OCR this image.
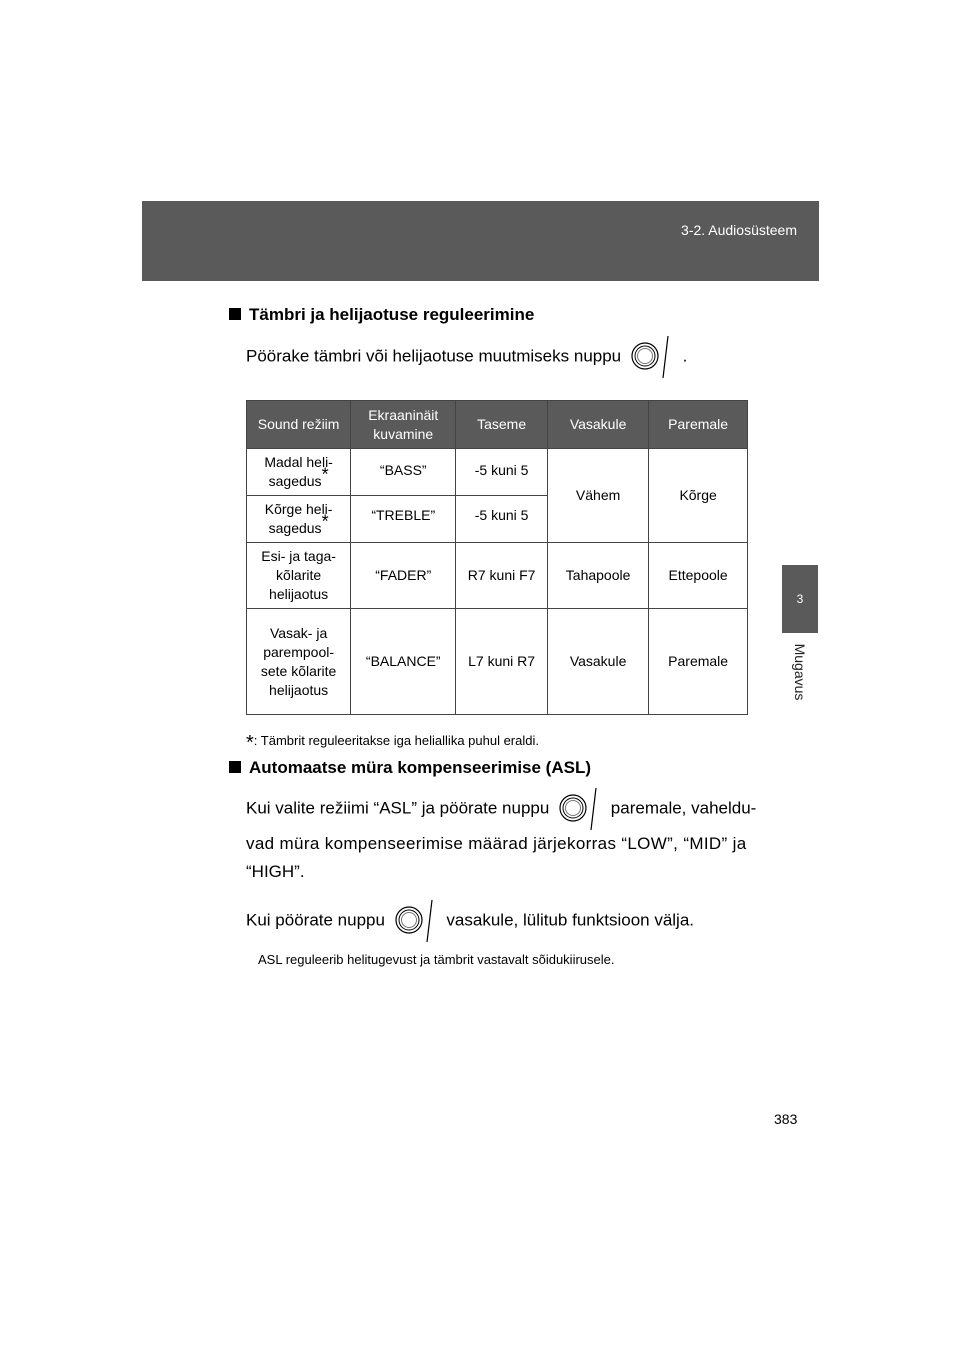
3-2. Audiosüsteem
3
Mugavus
Tämbri ja helijaotuse reguleerimine
Pöörake tämbri või helijaotuse muutmiseks nuppu	.
Sound režiim	Ekraaninäit kuvamine	Taseme	Vasakule	Paremale
Madal heli-sagedus*	“BASS”	-5 kuni 5	Vähem	Kõrge
Kõrge heli-sagedus*	“TREBLE”	-5 kuni 5		
Esi- ja taga-kõlarite helijaotus	“FADER”	R7 kuni F7	Tahapoole	Ettepoole
Vasak- ja parempool-sete kõlarite helijaotus	“BALANCE”	L7 kuni R7	Vasakule	Paremale
*: Tämbrit reguleeritakse iga heliallika puhul eraldi.
Automaatse müra kompenseerimise (ASL)
Kui valite režiimi “ASL” ja pöörate nuppu	paremale, vaheldu-
vad müra kompenseerimise määrad järjekorras “LOW”, “MID” ja
“HIGH”.
Kui pöörate nuppu	vasakule, lülitub funktsioon välja.
ASL reguleerib helitugevust ja tämbrit vastavalt sõidukiirusele.
383
